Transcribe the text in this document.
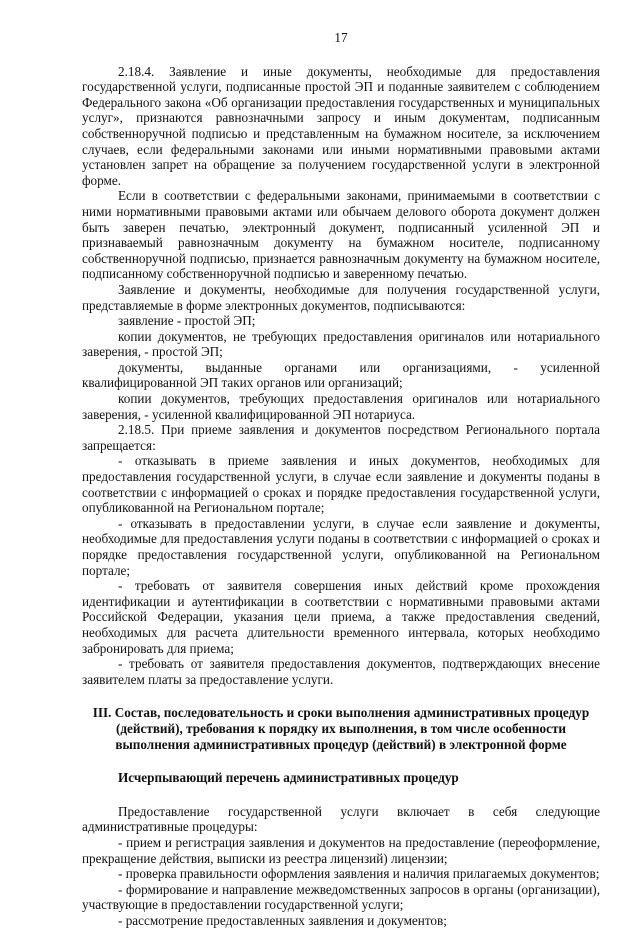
17

2.18.4. Заявление и иные документы, необходимые для предоставления государственной услуги, подписанные простой ЭП и поданные заявителем с соблюдением Федерального закона «Об организации предоставления государственных и муниципальных услуг», признаются равнозначными запросу и иным документам, подписанным собственноручной подписью и представленным на бумажном носителе, за исключением случаев, если федеральными законами или иными нормативными правовыми актами установлен запрет на обращение за получением государственной услуги в электронной форме.

Если в соответствии с федеральными законами, принимаемыми в соответствии с ними нормативными правовыми актами или обычаем делового оборота документ должен быть заверен печатью, электронный документ, подписанный усиленной ЭП и признаваемый равнозначным документу на бумажном носителе, подписанному собственноручной подписью, признается равнозначным документу на бумажном носителе, подписанному собственноручной подписью и заверенному печатью.

Заявление и документы, необходимые для получения государственной услуги, представляемые в форме электронных документов, подписываются:

заявление - простой ЭП;

копии документов, не требующих предоставления оригиналов или нотариального заверения, - простой ЭП;

документы, выданные органами или организациями, - усиленной квалифицированной ЭП таких органов или организаций;

копии документов, требующих предоставления оригиналов или нотариального заверения, - усиленной квалифицированной ЭП нотариуса.

2.18.5. При приеме заявления и документов посредством Регионального портала запрещается:

- отказывать в приеме заявления и иных документов, необходимых для предоставления государственной услуги, в случае если заявление и документы поданы в соответствии с информацией о сроках и порядке предоставления государственной услуги, опубликованной на Региональном портале;

- отказывать в предоставлении услуги, в случае если заявление и документы, необходимые для предоставления услуги поданы в соответствии с информацией о сроках и порядке предоставления государственной услуги, опубликованной на Региональном портале;

- требовать от заявителя совершения иных действий кроме прохождения идентификации и аутентификации в соответствии с нормативными правовыми актами Российской Федерации, указания цели приема, а также предоставления сведений, необходимых для расчета длительности временного интервала, которых необходимо забронировать для приема;

- требовать от заявителя предоставления документов, подтверждающих внесение заявителем платы за предоставление услуги.

III. Состав, последовательность и сроки выполнения административных процедур (действий), требования к порядку их выполнения, в том числе особенности выполнения административных процедур (действий) в электронной форме

Исчерпывающий перечень административных процедур

Предоставление государственной услуги включает в себя следующие административные процедуры:

- прием и регистрация заявления и документов на предоставление (переоформление, прекращение действия, выписки из реестра лицензий) лицензии;

- проверка правильности оформления заявления и наличия прилагаемых документов;

- формирование и направление межведомственных запросов в органы (организации), участвующие в предоставлении государственной услуги;

- рассмотрение предоставленных заявления и документов;
